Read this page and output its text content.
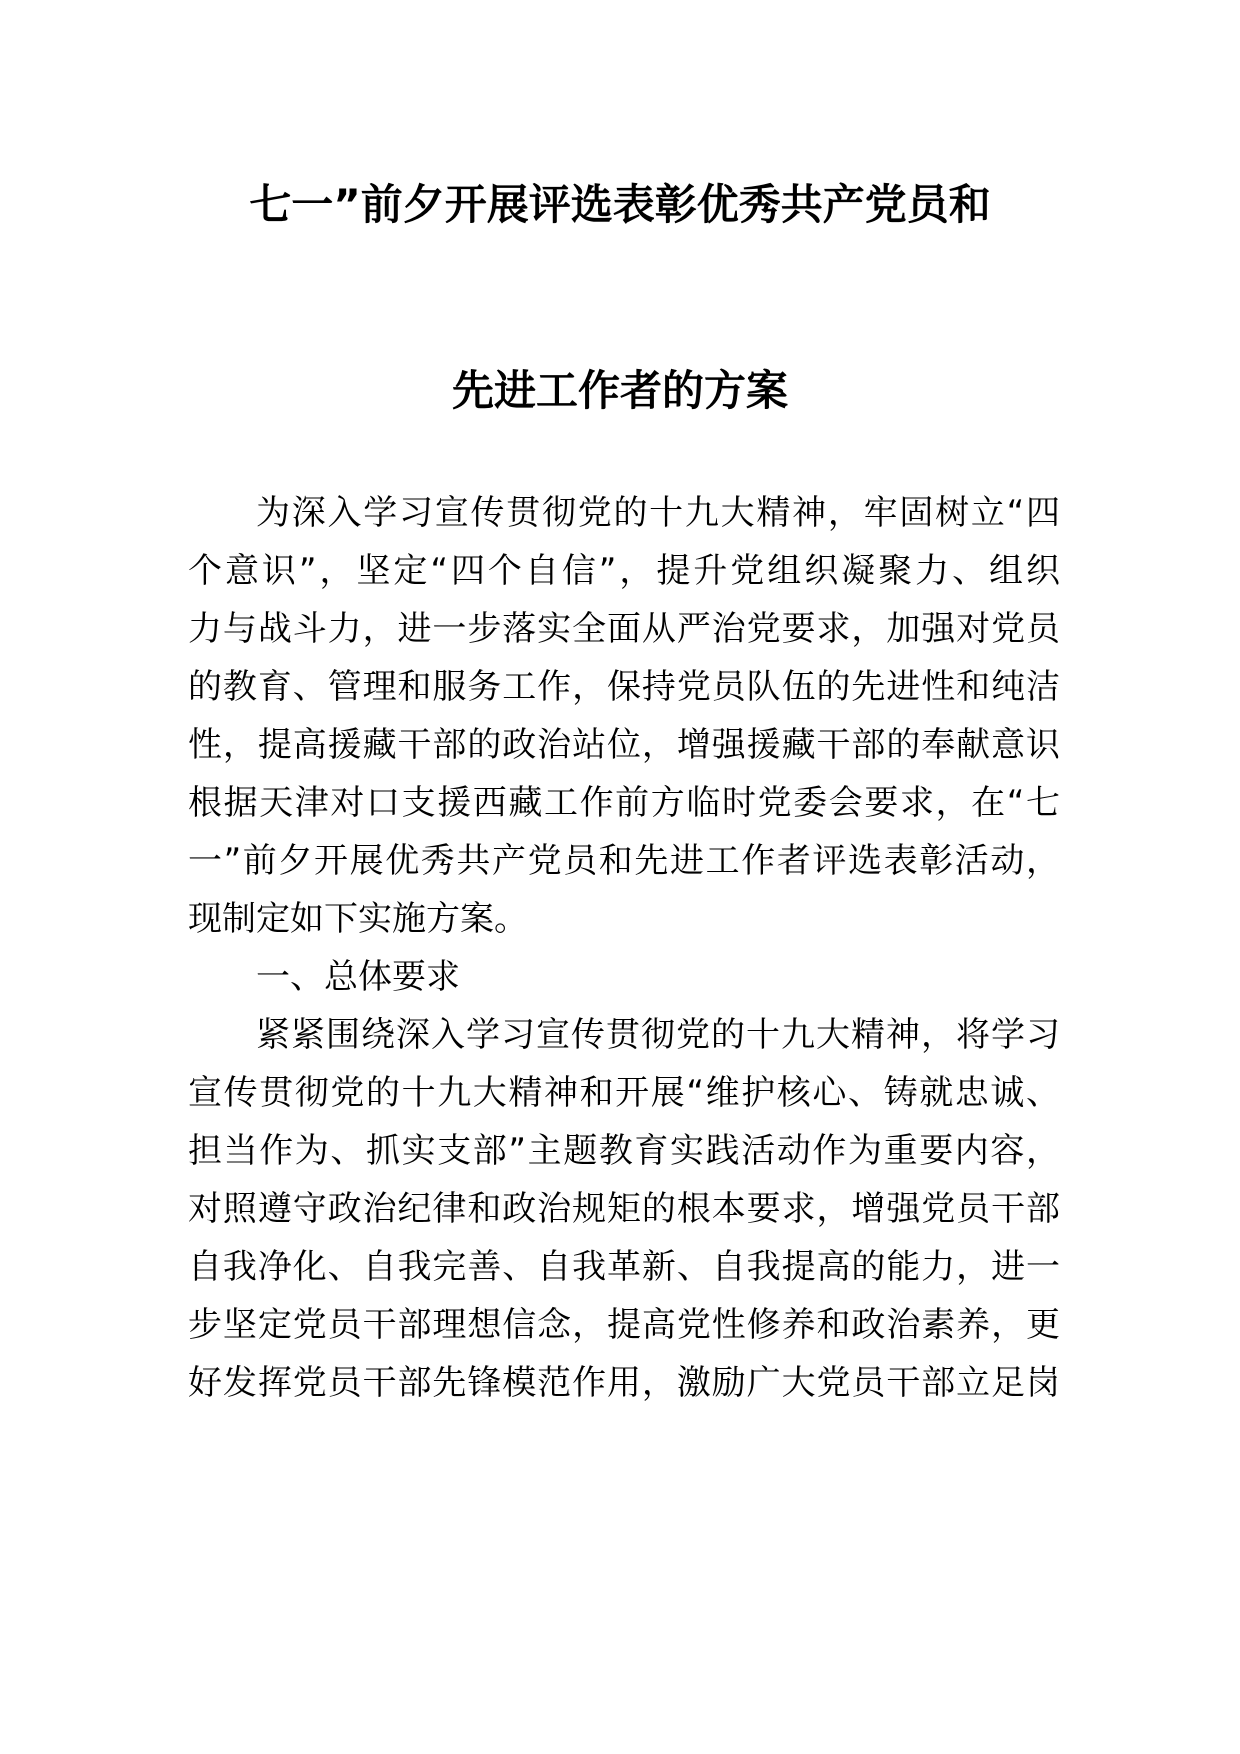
七一”前夕开展评选表彰优秀共产党员和
先进工作者的方案
为深入学习宣传贯彻党的十九大精神，牢固树立“四
个意识”，坚定“四个自信”，提升党组织凝聚力、组织
力与战斗力，进一步落实全面从严治党要求，加强对党员
的教育、管理和服务工作，保持党员队伍的先进性和纯洁
性，提高援藏干部的政治站位，增强援藏干部的奉献意识
根据天津对口支援西藏工作前方临时党委会要求，在“七
一”前夕开展优秀共产党员和先进工作者评选表彰活动，
现制定如下实施方案。
一、总体要求
紧紧围绕深入学习宣传贯彻党的十九大精神，将学习
宣传贯彻党的十九大精神和开展“维护核心、铸就忠诚、
担当作为、抓实支部”主题教育实践活动作为重要内容，
对照遵守政治纪律和政治规矩的根本要求，增强党员干部
自我净化、自我完善、自我革新、自我提高的能力，进一
步坚定党员干部理想信念，提高党性修养和政治素养，更
好发挥党员干部先锋模范作用，激励广大党员干部立足岗
